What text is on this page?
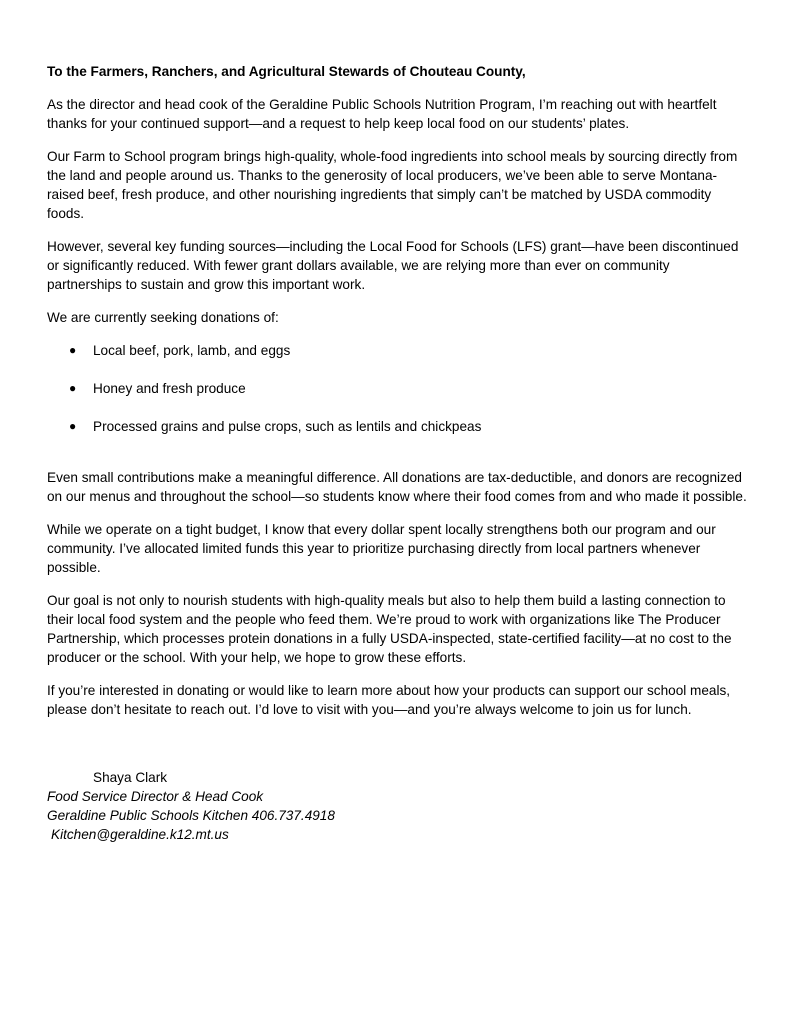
To the Farmers, Ranchers, and Agricultural Stewards of Chouteau County,

As the director and head cook of the Geraldine Public Schools Nutrition Program, I’m reaching out with heartfelt thanks for your continued support—and a request to help keep local food on our students’ plates.

Our Farm to School program brings high-quality, whole-food ingredients into school meals by sourcing directly from the land and people around us. Thanks to the generosity of local producers, we’ve been able to serve Montana-raised beef, fresh produce, and other nourishing ingredients that simply can’t be matched by USDA commodity foods.

However, several key funding sources—including the Local Food for Schools (LFS) grant—have been discontinued or significantly reduced. With fewer grant dollars available, we are relying more than ever on community partnerships to sustain and grow this important work.

We are currently seeking donations of:

● Local beef, pork, lamb, and eggs
● Honey and fresh produce
● Processed grains and pulse crops, such as lentils and chickpeas

Even small contributions make a meaningful difference. All donations are tax-deductible, and donors are recognized on our menus and throughout the school—so students know where their food comes from and who made it possible.

While we operate on a tight budget, I know that every dollar spent locally strengthens both our program and our community. I’ve allocated limited funds this year to prioritize purchasing directly from local partners whenever possible.

Our goal is not only to nourish students with high-quality meals but also to help them build a lasting connection to their local food system and the people who feed them. We’re proud to work with organizations like The Producer Partnership, which processes protein donations in a fully USDA-inspected, state-certified facility—at no cost to the producer or the school. With your help, we hope to grow these efforts.

If you’re interested in donating or would like to learn more about how your products can support our school meals, please don’t hesitate to reach out. I’d love to visit with you—and you’re always welcome to join us for lunch.

Shaya Clark
Food Service Director & Head Cook
Geraldine Public Schools Kitchen 406.737.4918
Kitchen@geraldine.k12.mt.us
